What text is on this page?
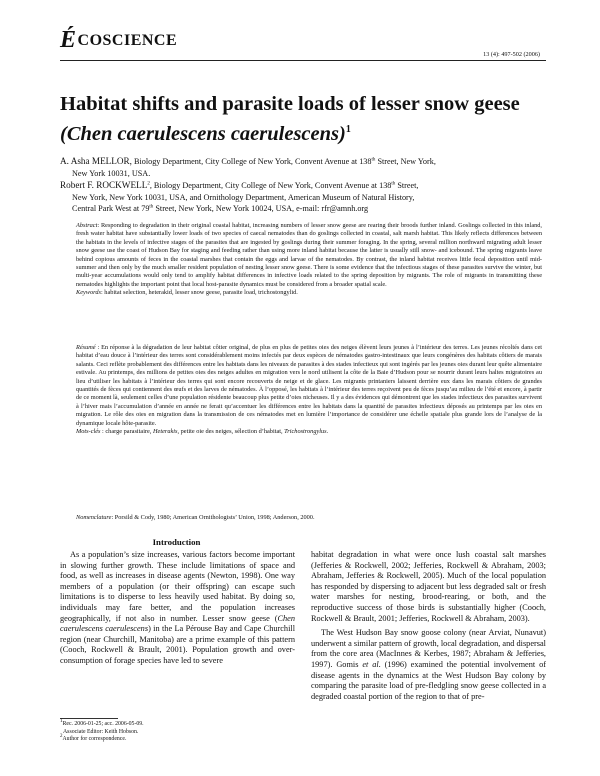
É COSCIENCE
13 (4): 497-502 (2006)
Habitat shifts and parasite loads of lesser snow geese
(Chen caerulescens caerulescens)$^1$
A. Asha MELLOR, Biology Department, City College of New York, Convent Avenue at 138th Street, New York,
New York 10031, USA.
Robert F. ROCKWELL$^2$, Biology Department, City College of New York, Convent Avenue at 138th Street,
New York, New York 10031, USA, and Ornithology Department, American Museum of Natural History,
Central Park West at 79th Street, New York, New York 10024, USA, e-mail: rfr@amnh.org
Abstract: Responding to degradation in their original coastal habitat, increasing numbers of lesser snow geese are rearing their broods further inland. Goslings collected in this inland, fresh water habitat have substantially lower loads of two species of caecal nematodes than do goslings collected in coastal, salt marsh habitat. This likely reflects differences between the habitats in the levels of infective stages of the parasites that are ingested by goslings during their summer foraging. In the spring, several million northward migrating adult lesser snow geese use the coast of Hudson Bay for staging and feeding rather than using more inland habitat because the latter is usually still snow- and icebound. The spring migrants leave behind copious amounts of feces in the coastal marshes that contain the eggs and larvae of the nematodes. By contrast, the inland habitat receives little fecal deposition until mid-summer and then only by the much smaller resident population of nesting lesser snow geese. There is some evidence that the infectious stages of these parasites survive the winter, but multi-year accumulations would only tend to amplify habitat differences in infective loads related to the spring deposition by migrants. The role of migrants in transmitting these nematodes highlights the important point that local host-parasite dynamics must be considered from a broader spatial scale.
Keywords: habitat selection, heterakid, lesser snow geese, parasite load, trichostongylid.
Résumé : En réponse à la dégradation de leur habitat côtier original, de plus en plus de petites oies des neiges élèvent leurs jeunes à l’intérieur des terres. Les jeunes récoltés dans cet habitat d’eau douce à l’intérieur des terres sont considérablement moins infectés par deux espèces de nématodes gastro-intestinaux que leurs congénères des habitats côtiers de marais salants. Ceci reflète probablement des différences entre les habitats dans les niveaux de parasites à des stades infectieux qui sont ingérés par les jeunes oies durant leur quête alimentaire estivale. Au printemps, des millions de petites oies des neiges adultes en migration vers le nord utilisent la côte de la Baie d’Hudson pour se nourrir durant leurs haltes migratoires au lieu d’utiliser les habitats à l’intérieur des terres qui sont encore recouverts de neige et de glace. Les migrants printaniers laissent derrière eux dans les marais côtiers de grandes quantités de fèces qui contiennent des œufs et des larves de nématodes. À l’opposé, les habitats à l’intérieur des terres reçoivent peu de fèces jusqu’au milieu de l’été et encore, à partir de ce moment là, seulement celles d’une population résidente beaucoup plus petite d’oies nicheuses. Il y a des évidences qui démontrent que les stades infectieux des parasites survivent à l’hiver mais l’accumulation d’année en année ne ferait qu’accentuer les différences entre les habitats dans la quantité de parasites infectieux déposés au printemps par les oies en migration. Le rôle des oies en migration dans la transmission de ces nématodes met en lumière l’importance de considérer une échelle spatiale plus grande lors de l’analyse de la dynamique locale hôte-parasite.
Mots-clés : charge parasitaire, Heterakis, petite oie des neiges, sélection d’habitat, Trichostrongylus.
Nomenclature: Porsild & Cody, 1980; American Ornithologists’ Union, 1998; Anderson, 2000.
Introduction

As a population’s size increases, various factors become important in slowing further growth. These include limitations of space and food, as well as increases in disease agents (Newton, 1998). One way members of a population (or their offspring) can escape such limitations is to disperse to less heavily used habitat. By doing so, individuals may fare better, and the population increases geographically, if not also in number. Lesser snow geese (Chen caerulescens caerulescens) in the La Pérouse Bay and Cape Churchill region (near Churchill, Manitoba) are a prime example of this pattern (Cooch, Rockwell & Brault, 2001). Population growth and over-consumption of forage species have led to severe

habitat degradation in what were once lush coastal salt marshes (Jefferies & Rockwell, 2002; Jefferies, Rockwell & Abraham, 2003; Abraham, Jefferies & Rockwell, 2005). Much of the local population has responded by dispersing to adjacent but less degraded salt or fresh water marshes for nesting, brood-rearing, or both, and the reproductive success of those birds is substantially higher (Cooch, Rockwell & Brault, 2001; Jefferies, Rockwell & Abraham, 2003).

The West Hudson Bay snow goose colony (near Arviat, Nunavut) underwent a similar pattern of growth, local degradation, and dispersal from the core area (MacInnes & Kerbes, 1987; Abraham & Jefferies, 1997). Gomis et al. (1996) examined the potential involvement of disease agents in the dynamics at the West Hudson Bay colony by comparing the parasite load of pre-fledgling snow geese collected in a degraded coastal portion of the region to that of pre-

$^1$Rec. 2006-01-25; acc. 2006-05-09.
Associate Editor: Keith Hobson.
$^2$Author for correspondence.
